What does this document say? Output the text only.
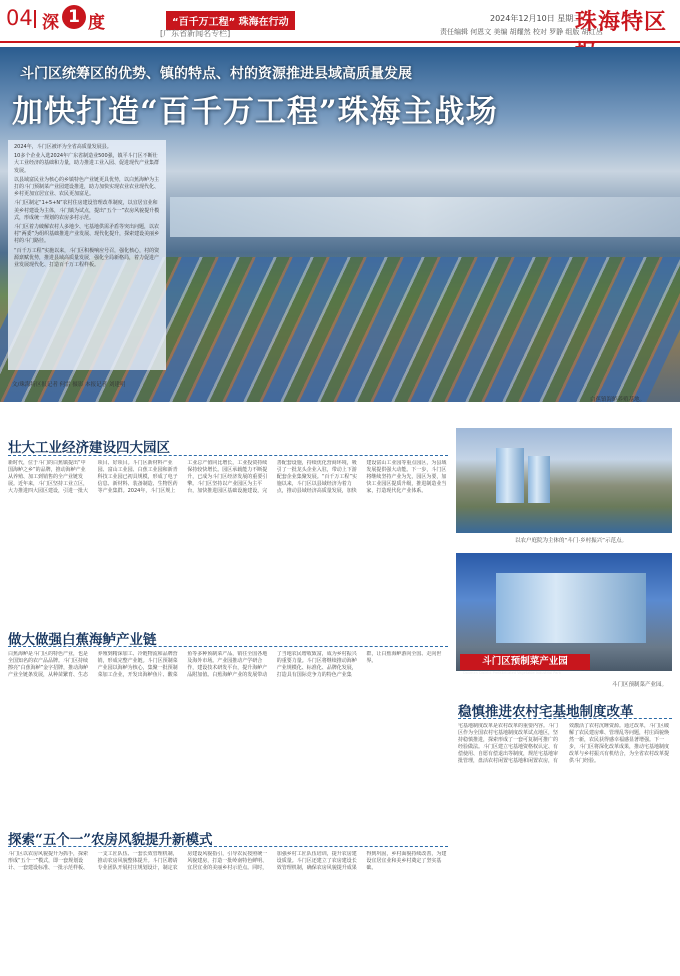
04 深 1 度	“百千万工程” 珠海在行动
[广东省新闻名专栏]
2024年12月10日 星期二
责任编辑 何恩文 美编 胡耀然 校对 罗静 组版 胡红丛
珠海特区
斗门区统筹区的优势、镇的特点、村的资源推进县域高质量发展
加快打造“百千万工程”珠海主战场

2024年，斗门区被评为全省高质量发展县。

10多个企业入选2024年广东省制造业500强，镇平斗门区不断壮大工业经济的基础和力量，助力推进工业入园、促进现代产业集群发展。

以县域富民业为核心的乡镇特色产业链更具优势，以白蕉海鲈为主打的斗门预制菜产业园建设推进，助力加快实现农业农业现代化、乡村更加宜居宜业、农民更加富足。

斗门区制定“1+5+N”农村住房建设管理改革制度，以宜居宜业和美乡村建设为主体，斗门镇为试点，提出“五个一”农房风貌提升模式，形成统一规划的农房多村示范。

斗门区着力破解农村人多地少、宅基地供需矛盾等突出问题，以农村“两委”为组织基础推进产业发展、现代化提升，探索建设美丽乡村的斗门路径。

“百千万工程”实施以来，斗门区积极响应号召，强化核心，村的资源禀赋优势，推进县域高质量发展，强化全局新格局，着力促进产业发展现代化、打造百千万工程样板。

文/珠海特区报记者 何雷 摄影 本报记者 刘建明
白蕉镇海鲈养殖基地。
壮大工业经济建设四大园区
新时代，位于斗门的白蕉镇提出“中国海鲈之乡”的品牌，推动海鲈产业从养殖、加工到销售的全产业链发展。近年来，斗门区坚持工业立区，大力推进四大园区建设，引进一批大项目、好项目。斗门区新材料产业园、富山工业园、白蕉工业园和新青科技工业园已初具规模，形成了电子信息、新材料、装备制造、生物医药等产业集群。2024年，斗门区规上工业总产值同比增长，工业投资持续保持较快增长。园区承载能力不断提升，已成为斗门区经济发展的重要引擎。斗门区坚持以产业园区为主平台，加快推进园区基础设施建设，完善配套设施，持续优化营商环境，吸引了一批龙头企业入驻，带动上下游配套企业集聚发展。“百千万工程”实施以来，斗门区以县域经济为着力点，推动县域经济高质量发展，加快建设富山工业园等重点园区，为县域发展提供强大动能。下一步，斗门区将继续坚持产业为先，园区为要，加快工业园区提质升级，推进制造业当家，打造现代化产业体系。
做大做强白蕉海鲈产业链
白蕉海鲈是斗门区的特色产业，也是全国知名的农产品品牌。斗门区持续擦亮“白蕉海鲈”金字招牌，推动海鲈产业全链条发展，从种苗繁育、生态养殖到精深加工、冷链物流和品牌营销，形成完整产业链。斗门区预制菜产业园以海鲈为核心，集聚一批预制菜加工企业，开发出海鲈鱼片、酸菜鱼等多种预制菜产品，销往全国各地及海外市场。产业园推动产学研合作，建设技术研发平台，提升海鲈产品附加值。白蕉海鲈产业的发展带动了当地农民增收致富，成为乡村振兴的重要力量。斗门区将继续推动海鲈产业规模化、标准化、品牌化发展，打造具有国际竞争力的特色产业集群，让白蕉海鲈游向全国、走向世界。
探索“五个一”农房风貌提升新模式
斗门区以农房风貌提升为抓手，探索形成“五个一”模式，即一套规划设计、一套建设标准、一批示范样板、一支工匠队伍、一套长效管理机制，推动农房风貌整体提升。斗门区聘请专业团队开展村庄规划设计，制定农房建设风貌指引，引导农民按照统一风貌建房，打造一批岭南特色鲜明、宜居宜业的美丽乡村示范点。同时，加强乡村工匠队伍培训，提升农房建设质量。斗门区还建立了农房建设长效管理机制，确保农房风貌提升成果得到巩固，乡村面貌持续改善，为建设宜居宜业和美乡村奠定了坚实基础。
稳慎推进农村宅基地制度改革
宅基地制度改革是农村改革的重要内容。斗门区作为全国农村宅基地制度改革试点地区，坚持稳慎推进，探索形成了一套可复制可推广的经验做法。斗门区建立宅基地资格权认定、有偿使用、自愿有偿退出等制度，规范宅基地审批管理，盘活农村闲置宅基地和闲置农房，有效激活了农村沉睡资源。通过改革，斗门区破解了农民建房难、管理乱等问题，村庄面貌焕然一新，农民获得感幸福感显著增强。下一步，斗门区将深化改革成果，推动宅基地制度改革与乡村振兴有机结合，为全省农村改革提供斗门经验。
以农户庭院为主体的“斗门·乡村振兴”示范点。
斗门区预制菜产业园
Doumen District Prefabricated Vegetable Industrial Park
斗门区预制菜产业园。
